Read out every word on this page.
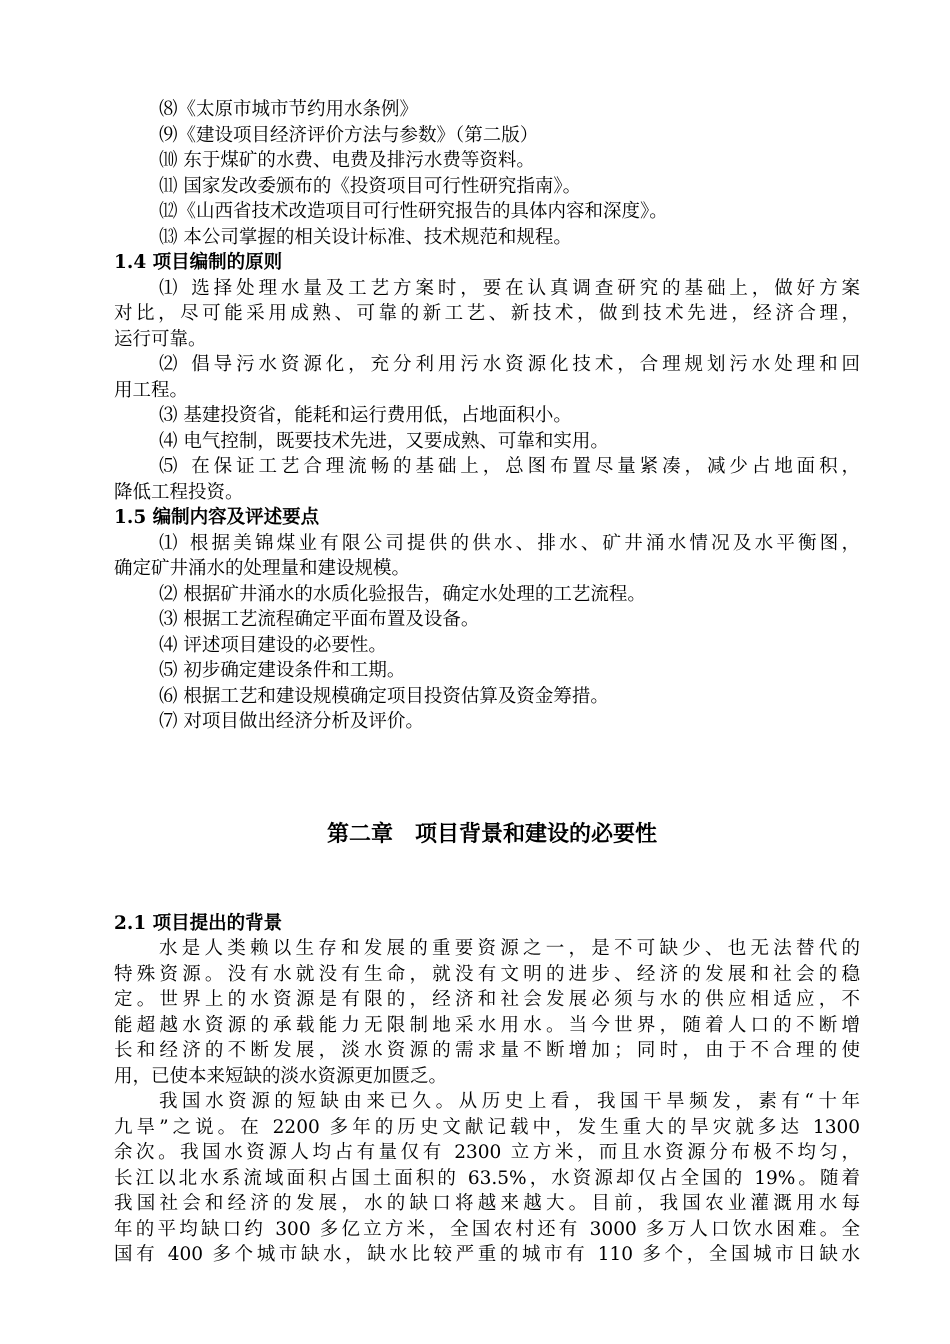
⑻《太原市城市节约用水条例》
⑼《建设项目经济评价方法与参数》（第二版）
⑽ 东于煤矿的水费、电费及排污水费等资料。
⑾ 国家发改委颁布的《投资项目可行性研究指南》。
⑿《山西省技术改造项目可行性研究报告的具体内容和深度》。
⒀ 本公司掌握的相关设计标准、技术规范和规程。
1.4 项目编制的原则
⑴ 选择处理水量及工艺方案时，要在认真调查研究的基础上，做好方案
对比，尽可能采用成熟、可靠的新工艺、新技术，做到技术先进，经济合理，
运行可靠。
⑵ 倡导污水资源化，充分利用污水资源化技术，合理规划污水处理和回
用工程。
⑶ 基建投资省，能耗和运行费用低，占地面积小。
⑷ 电气控制，既要技术先进，又要成熟、可靠和实用。
⑸ 在保证工艺合理流畅的基础上，总图布置尽量紧凑，减少占地面积，
降低工程投资。
1.5 编制内容及评述要点
⑴ 根据美锦煤业有限公司提供的供水、排水、矿井涌水情况及水平衡图，
确定矿井涌水的处理量和建设规模。
⑵ 根据矿井涌水的水质化验报告，确定水处理的工艺流程。
⑶ 根据工艺流程确定平面布置及设备。
⑷ 评述项目建设的必要性。
⑸ 初步确定建设条件和工期。
⑹ 根据工艺和建设规模确定项目投资估算及资金筹措。
⑺ 对项目做出经济分析及评价。
第二章　项目背景和建设的必要性
2.1 项目提出的背景
水是人类赖以生存和发展的重要资源之一，是不可缺少、也无法替代的
特殊资源。没有水就没有生命，就没有文明的进步、经济的发展和社会的稳
定。世界上的水资源是有限的，经济和社会发展必须与水的供应相适应，不
能超越水资源的承载能力无限制地采水用水。当今世界，随着人口的不断增
长和经济的不断发展，淡水资源的需求量不断增加；同时，由于不合理的使
用，已使本来短缺的淡水资源更加匮乏。
我国水资源的短缺由来已久。从历史上看，我国干旱频发，素有“十年
九旱”之说。在 2200 多年的历史文献记载中，发生重大的旱灾就多达 1300
余次。我国水资源人均占有量仅有 2300 立方米，而且水资源分布极不均匀，
长江以北水系流域面积占国土面积的 63.5%，水资源却仅占全国的 19%。随着
我国社会和经济的发展，水的缺口将越来越大。目前，我国农业灌溉用水每
年的平均缺口约 300 多亿立方米，全国农村还有 3000 多万人口饮水困难。全
国有 400 多个城市缺水，缺水比较严重的城市有 110 多个，全国城市日缺水
